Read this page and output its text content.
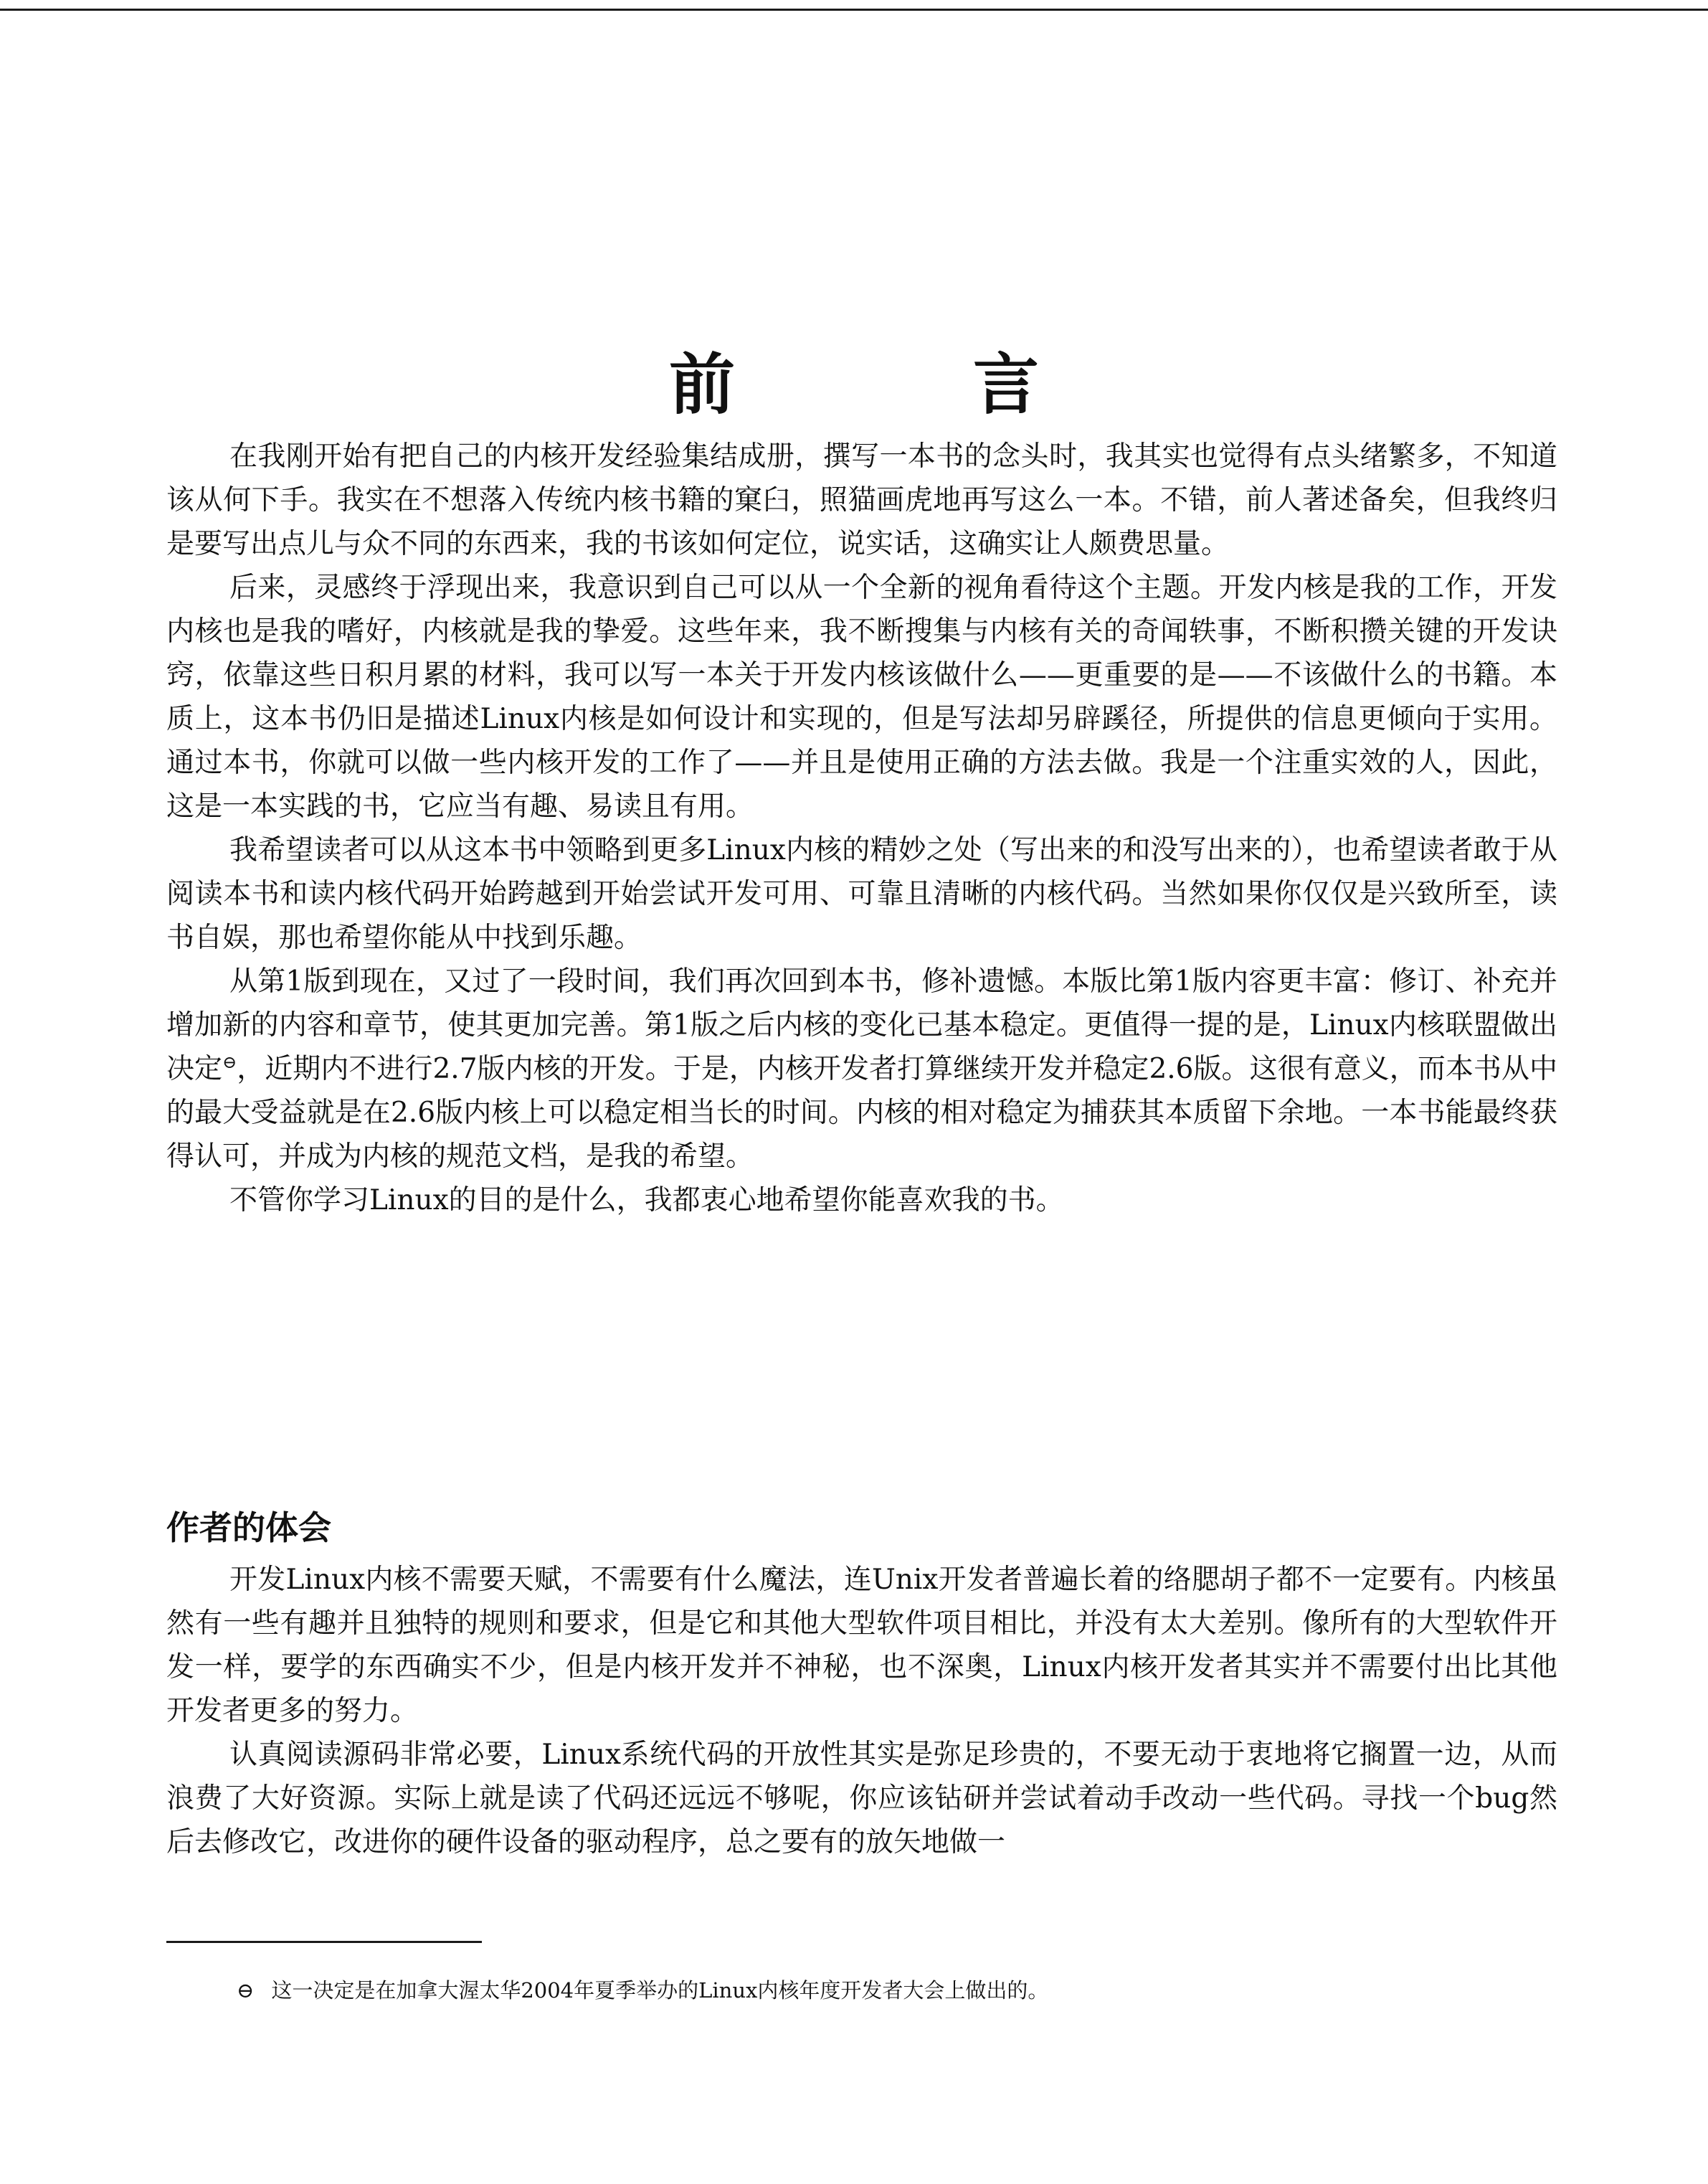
前 言

在我刚开始有把自己的内核开发经验集结成册，撰写一本书的念头时，我其实也觉得有点头绪繁多，不知道该从何下手。我实在不想落入传统内核书籍的窠臼，照猫画虎地再写这么一本。不错，前人著述备矣，但我终归是要写出点儿与众不同的东西来，我的书该如何定位，说实话，这确实让人颇费思量。

后来，灵感终于浮现出来，我意识到自己可以从一个全新的视角看待这个主题。开发内核是我的工作，开发内核也是我的嗜好，内核就是我的挚爱。这些年来，我不断搜集与内核有关的奇闻轶事，不断积攒关键的开发诀窍，依靠这些日积月累的材料，我可以写一本关于开发内核该做什么——更重要的是——不该做什么的书籍。本质上，这本书仍旧是描述Linux内核是如何设计和实现的，但是写法却另辟蹊径，所提供的信息更倾向于实用。通过本书，你就可以做一些内核开发的工作了——并且是使用正确的方法去做。我是一个注重实效的人，因此，这是一本实践的书，它应当有趣、易读且有用。

我希望读者可以从这本书中领略到更多Linux内核的精妙之处（写出来的和没写出来的），也希望读者敢于从阅读本书和读内核代码开始跨越到开始尝试开发可用、可靠且清晰的内核代码。当然如果你仅仅是兴致所至，读书自娱，那也希望你能从中找到乐趣。

从第1版到现在，又过了一段时间，我们再次回到本书，修补遗憾。本版比第1版内容更丰富：修订、补充并增加新的内容和章节，使其更加完善。第1版之后内核的变化已基本稳定。更值得一提的是，Linux内核联盟做出决定⊖，近期内不进行2.7版内核的开发。于是，内核开发者打算继续开发并稳定2.6版。这很有意义，而本书从中的最大受益就是在2.6版内核上可以稳定相当长的时间。内核的相对稳定为捕获其本质留下余地。一本书能最终获得认可，并成为内核的规范文档，是我的希望。

不管你学习Linux的目的是什么，我都衷心地希望你能喜欢我的书。

作者的体会

开发Linux内核不需要天赋，不需要有什么魔法，连Unix开发者普遍长着的络腮胡子都不一定要有。内核虽然有一些有趣并且独特的规则和要求，但是它和其他大型软件项目相比，并没有太大差别。像所有的大型软件开发一样，要学的东西确实不少，但是内核开发并不神秘，也不深奥，Linux内核开发者其实并不需要付出比其他开发者更多的努力。

认真阅读源码非常必要，Linux系统代码的开放性其实是弥足珍贵的，不要无动于衷地将它搁置一边，从而浪费了大好资源。实际上就是读了代码还远远不够呢，你应该钻研并尝试着动手改动一些代码。寻找一个bug然后去修改它，改进你的硬件设备的驱动程序，总之要有的放矢地做一

⊖ 这一决定是在加拿大渥太华2004年夏季举办的Linux内核年度开发者大会上做出的。
